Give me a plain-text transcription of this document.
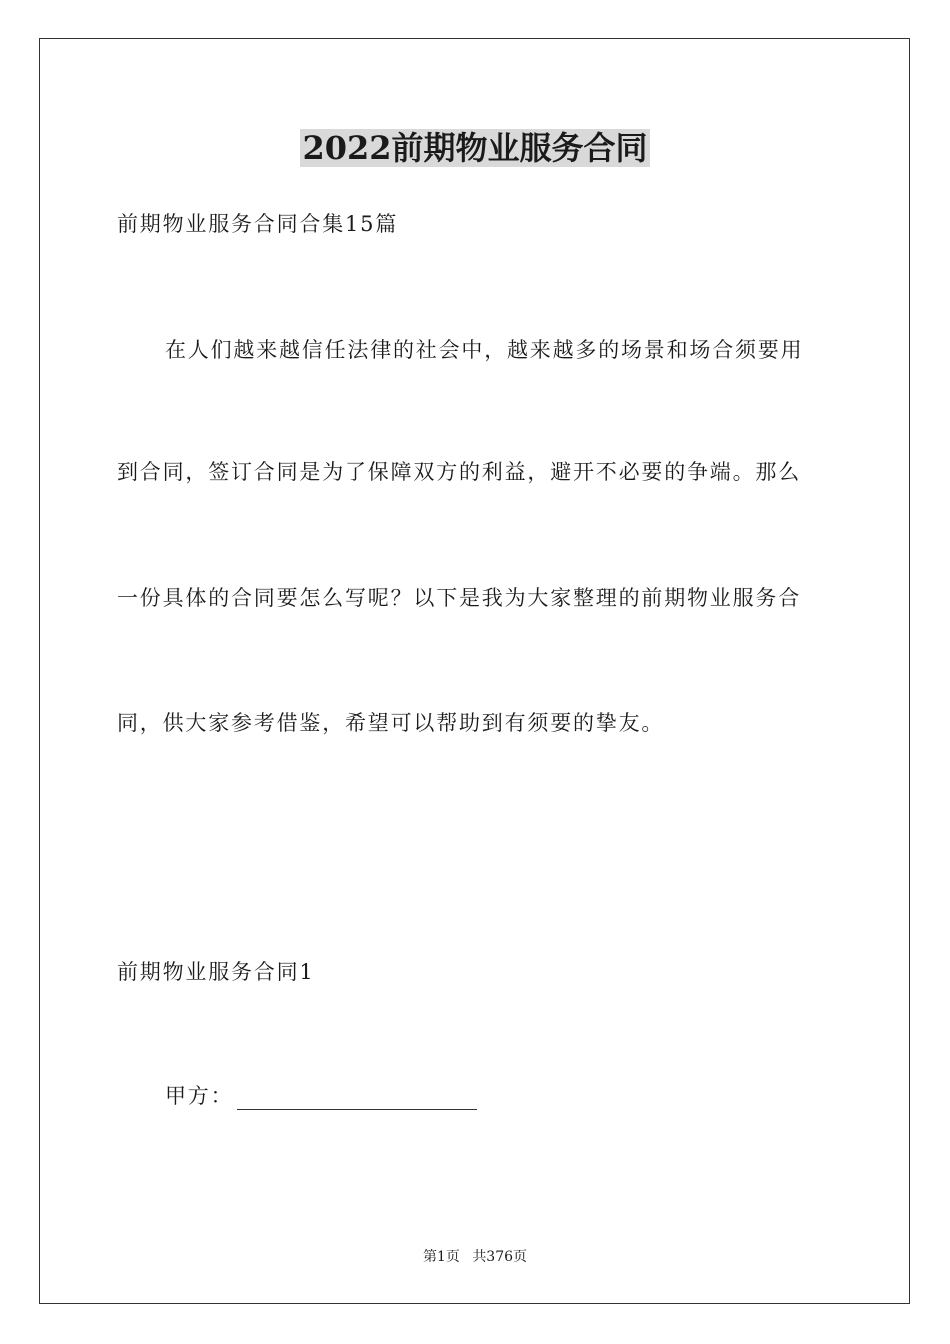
2022前期物业服务合同

前期物业服务合同合集15篇

在人们越来越信任法律的社会中，越来越多的场景和场合须要用

到合同，签订合同是为了保障双方的利益，避开不必要的争端。那么

一份具体的合同要怎么写呢？以下是我为大家整理的前期物业服务合

同，供大家参考借鉴，希望可以帮助到有须要的挚友。

前期物业服务合同1

甲方：
第1页 共376页
